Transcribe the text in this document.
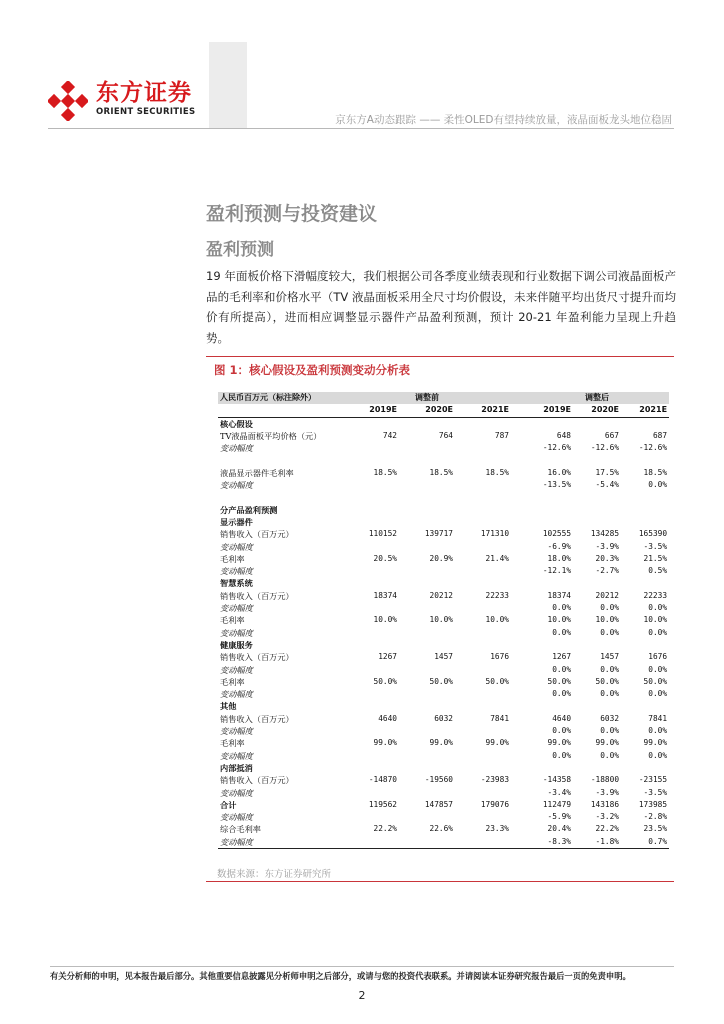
东方证券
ORIENT SECURITIES
京东方A动态跟踪 —— 柔性OLED有望持续放量，液晶面板龙头地位稳固
盈利预测与投资建议
盈利预测
19 年面板价格下滑幅度较大，我们根据公司各季度业绩表现和行业数据下调公司液晶面板产品的毛利率和价格水平（TV 液晶面板采用全尺寸均价假设，未来伴随平均出货尺寸提升而均价有所提高），进而相应调整显示器件产品盈利预测，预计 20-21 年盈利能力呈现上升趋势。
图 1：核心假设及盈利预测变动分析表
人民币百万元（标注除外）		调整前				调整后		
		2019E	2020E	2021E		2019E	2020E	2021E
核心假设								
TV液晶面板平均价格（元）		742	764	787		648	667	687
变动幅度						-12.6%	-12.6%	-12.6%

液晶显示器件毛利率		18.5%	18.5%	18.5%		16.0%	17.5%	18.5%
变动幅度						-13.5%	-5.4%	0.0%

分产品盈利预测								
显示器件								
销售收入（百万元）		110152	139717	171310		102555	134285	165390
变动幅度						-6.9%	-3.9%	-3.5%
毛利率		20.5%	20.9%	21.4%		18.0%	20.3%	21.5%
变动幅度						-12.1%	-2.7%	0.5%
智慧系统								
销售收入（百万元）		18374	20212	22233		18374	20212	22233
变动幅度						0.0%	0.0%	0.0%
毛利率		10.0%	10.0%	10.0%		10.0%	10.0%	10.0%
变动幅度						0.0%	0.0%	0.0%
健康服务								
销售收入（百万元）		1267	1457	1676		1267	1457	1676
变动幅度						0.0%	0.0%	0.0%
毛利率		50.0%	50.0%	50.0%		50.0%	50.0%	50.0%
变动幅度						0.0%	0.0%	0.0%
其他								
销售收入（百万元）		4640	6032	7841		4640	6032	7841
变动幅度						0.0%	0.0%	0.0%
毛利率		99.0%	99.0%	99.0%		99.0%	99.0%	99.0%
变动幅度						0.0%	0.0%	0.0%
内部抵消								
销售收入（百万元）		-14870	-19560	-23983		-14358	-18800	-23155
变动幅度						-3.4%	-3.9%	-3.5%
合计		119562	147857	179076		112479	143186	173985
变动幅度						-5.9%	-3.2%	-2.8%
综合毛利率		22.2%	22.6%	23.3%		20.4%	22.2%	23.5%
变动幅度						-8.3%	-1.8%	0.7%
数据来源：东方证券研究所
有关分析师的申明，见本报告最后部分。其他重要信息披露见分析师申明之后部分，或请与您的投资代表联系。并请阅读本证券研究报告最后一页的免责申明。
2
